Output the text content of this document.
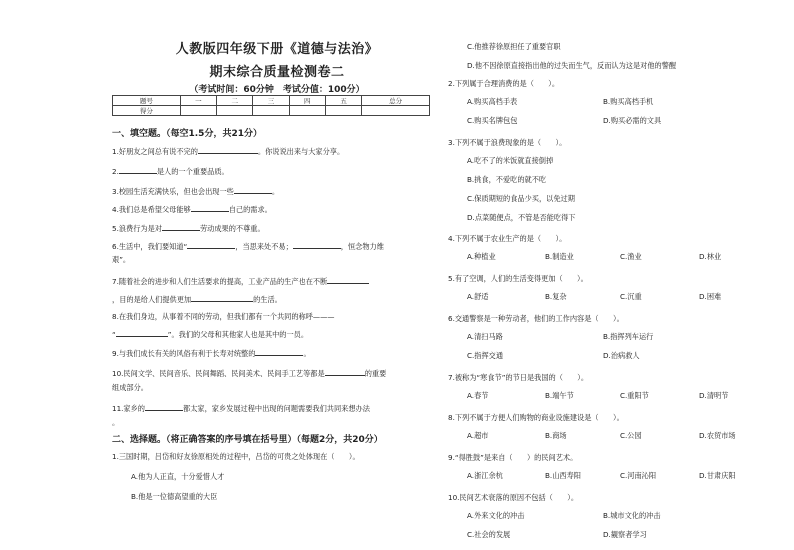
人教版四年级下册《道德与法治》
期末综合质量检测卷二
（考试时间：60分钟　考试分值：100分）
题号	一	二	三	四	五	总分
得分						
一、填空题。（每空1.5分，共21分）
1.好朋友之间总有说不完的	。你说说出来与大家分享。
2.	是人的一个重要品质。
3.校园生活充满快乐，但也会出现一些	。
4.我们总是希望父母能够	自己的需求。
5.浪费行为是对	劳动成果的不尊重。
6.生活中，我们要知道“	，当思来处不易；	，恒念物力维
艰”。
7.随着社会的进步和人们生活要求的提高，工业产品的生产也在不断
，目的是给人们提供更加	的生活。
8.在我们身边，从事着不同的劳动，但我们都有一个共同的称呼———
“	”。我们的父母和其他家人也是其中的一员。
9.与我们成长有关的风俗有利于长寿对统整的	。
10.民间文学、民间音乐、民间舞蹈、民间美术、民间手工艺等都是	的重要
组成部分。
11.家乡的	都太家，家乡发展过程中出现的问题需要我们共同来想办法
。
二、选择题。（将正确答案的序号填在括号里）（每题2分，共20分）
1.三国时期，吕岱和好友徐原相处的过程中，吕岱的可贵之处体现在（　　）。
A.他为人正直，十分爱惜人才
B.他是一位德高望重的大臣
C.他推荐徐原担任了重要官职
D.他不因徐原直接指出他的过失而生气，反而认为这是对他的警醒
2.下列属于合理消费的是（　　）。
A.购买高档手表	B.购买高档手机
C.购买名牌包包	D.购买必需的文具
3.下列不属于浪费现象的是（　　）。
A.吃不了的米饭就直接倒掉
B.挑食，不爱吃的就不吃
C.保质期短的食品少买，以免过期
D.点菜随便点，不管是否能吃得下
4.下列不属于农业生产的是（　　）。
A.种植业	B.制造业	C.渔业	D.林业
5.有了空调，人们的生活变得更加（　　）。
A.舒适	B.复杂	C.沉重	D.困难
6.交通警察是一种劳动者，他们的工作内容是（　　）。
A.清扫马路	B.指挥列车运行
C.指挥交通	D.治病救人
7.被称为“寒食节”的节日是我国的（　　）。
A.春节	B.端午节	C.重阳节	D.清明节
8.下列不属于方便人们购物的商业设施建设是（　　）。
A.超市	B.商场	C.公园	D.农贸市场
9.“得胜鼓”是来自（　　）的民间艺术。
A.浙江余杭	B.山西寿阳	C.河南沁阳	D.甘肃庆阳
10.民间艺术衰落的原因不包括（　　）。
A.外来文化的冲击	B.城市文化的冲击
C.社会的发展	D.観察者学习
